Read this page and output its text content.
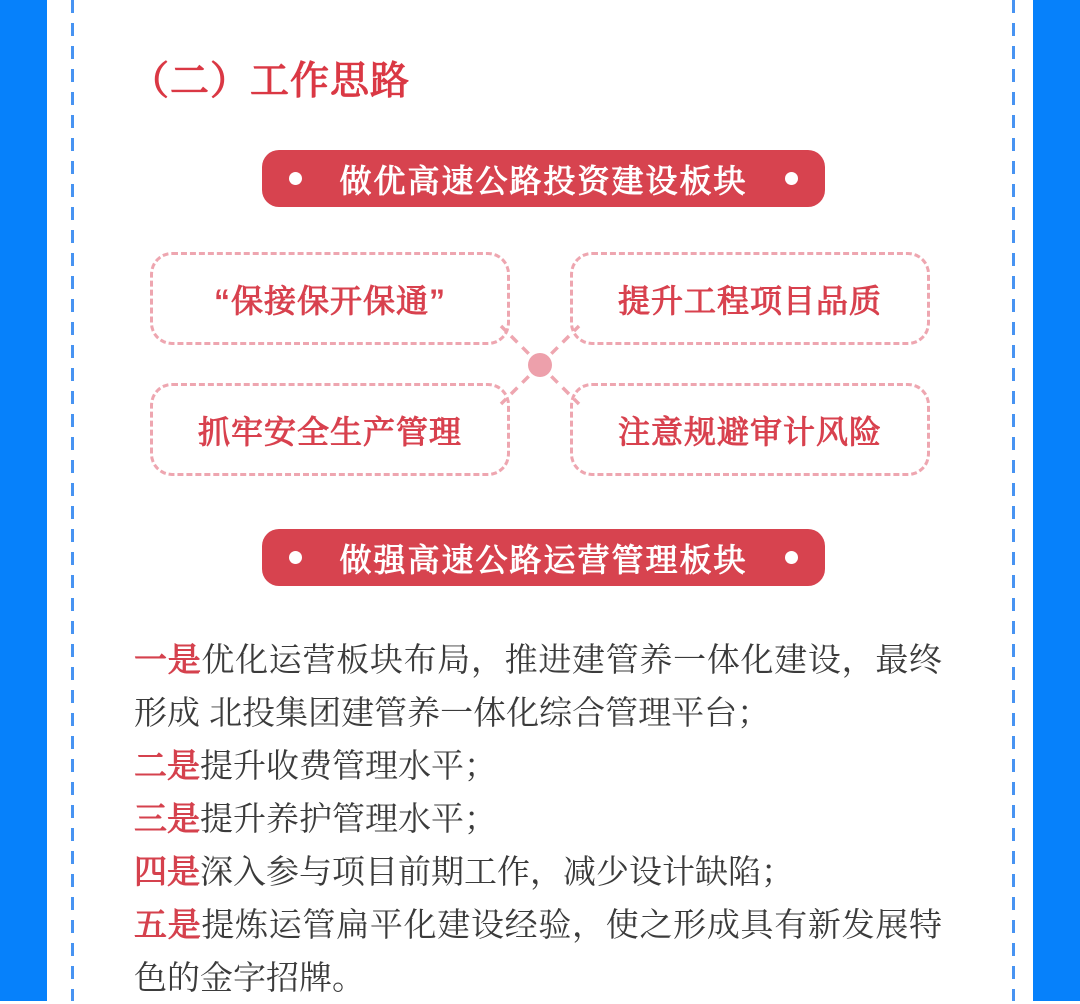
（二）工作思路
做优高速公路投资建设板块
“保接保开保通”	提升工程项目品质
抓牢安全生产管理	注意规避审计风险
做强高速公路运营管理板块

一是优化运营板块布局，推进建管养一体化建设，最终形成 北投集团建管养一体化综合管理平台；

二是提升收费管理水平；

三是提升养护管理水平；

四是深入参与项目前期工作，减少设计缺陷；

五是提炼运管扁平化建设经验，使之形成具有新发展特色的金字招牌。
